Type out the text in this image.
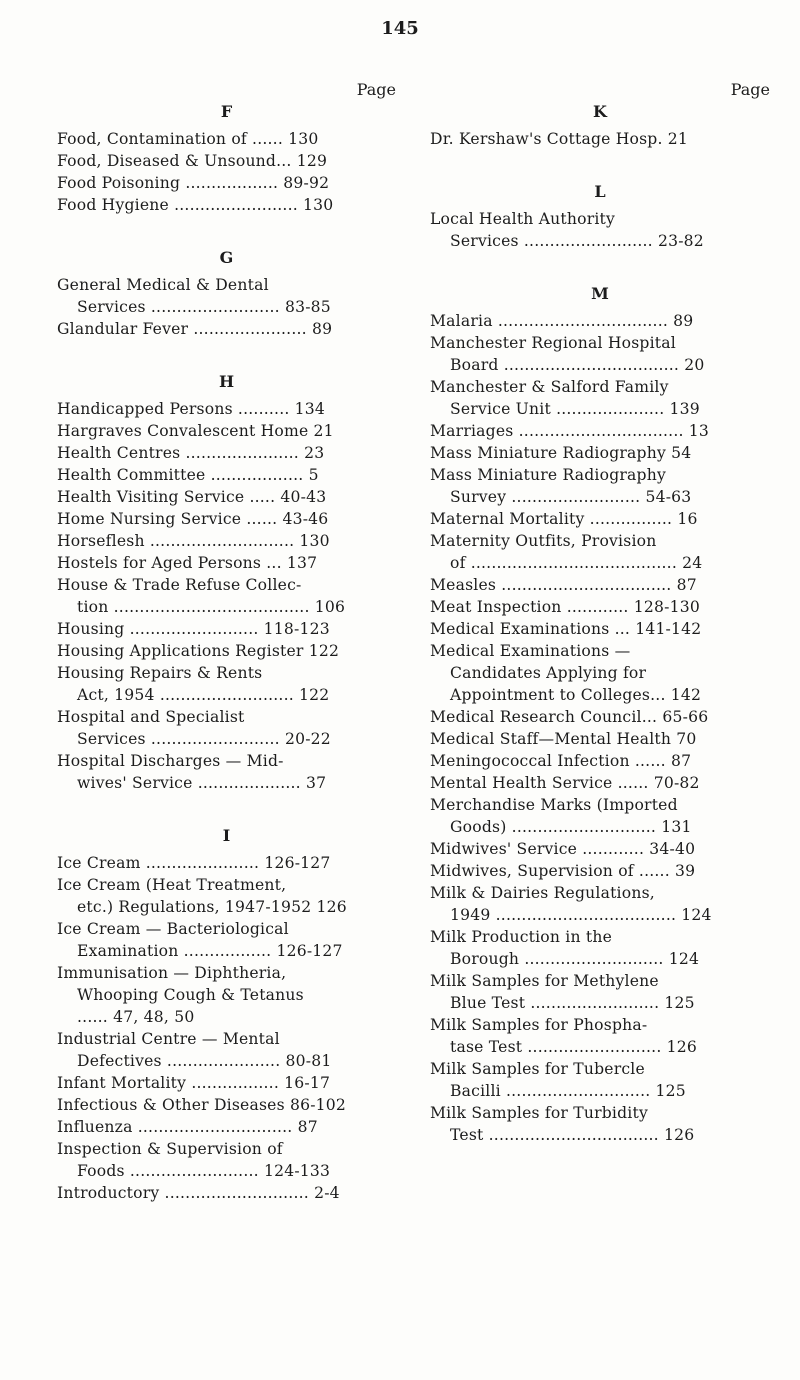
145
Page
F
Food, Contamination of ...... 130
Food, Diseased & Unsound... 129
Food Poisoning .................. 89-92
Food Hygiene ........................ 130
G
General Medical & Dental
Services ......................... 83-85
Glandular Fever ...................... 89
H
Handicapped Persons .......... 134
Hargraves Convalescent Home 21
Health Centres ...................... 23
Health Committee .................. 5
Health Visiting Service ..... 40-43
Home Nursing Service ...... 43-46
Horseflesh ............................ 130
Hostels for Aged Persons ... 137
House & Trade Refuse Collec-
tion ...................................... 106
Housing ......................... 118-123
Housing Applications Register 122
Housing Repairs & Rents
Act, 1954 .......................... 122
Hospital and Specialist
Services ......................... 20-22
Hospital Discharges — Mid-
wives' Service .................... 37
I
Ice Cream ...................... 126-127
Ice Cream (Heat Treatment,
etc.) Regulations, 1947-1952 126
Ice Cream — Bacteriological
Examination ................. 126-127
Immunisation — Diphtheria,
Whooping Cough & Tetanus
...... 47, 48, 50
Industrial Centre — Mental
Defectives ...................... 80-81
Infant Mortality ................. 16-17
Infectious & Other Diseases 86-102
Influenza .............................. 87
Inspection & Supervision of
Foods ......................... 124-133
Introductory ............................ 2-4
Page
K
Dr. Kershaw's Cottage Hosp. 21
L
Local Health Authority
Services ......................... 23-82
M
Malaria ................................. 89
Manchester Regional Hospital
Board .................................. 20
Manchester & Salford Family
Service Unit ..................... 139
Marriages ................................ 13
Mass Miniature Radiography 54
Mass Miniature Radiography
Survey ......................... 54-63
Maternal Mortality ................ 16
Maternity Outfits, Provision
of ........................................ 24
Measles ................................. 87
Meat Inspection ............ 128-130
Medical Examinations ... 141-142
Medical Examinations —
Candidates Applying for
Appointment to Colleges... 142
Medical Research Council... 65-66
Medical Staff—Mental Health 70
Meningococcal Infection ...... 87
Mental Health Service ...... 70-82
Merchandise Marks (Imported
Goods) ............................ 131
Midwives' Service ............ 34-40
Midwives, Supervision of ...... 39
Milk & Dairies Regulations,
1949 ................................... 124
Milk Production in the
Borough ........................... 124
Milk Samples for Methylene
Blue Test ......................... 125
Milk Samples for Phospha-
tase Test .......................... 126
Milk Samples for Tubercle
Bacilli ............................ 125
Milk Samples for Turbidity
Test ................................. 126
